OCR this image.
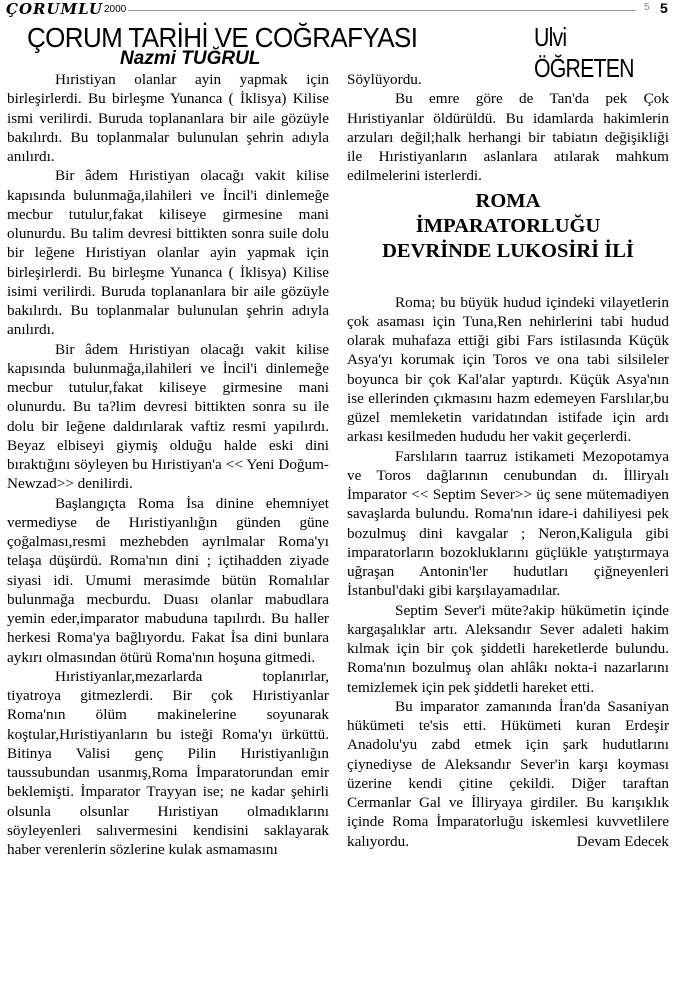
ÇORUMLU 2000	5 5
ÇORUM TARİHİ VE COĞRAFYASI	Ulvi ÖĞRETEN
Nazmi TUĞRUL

Hıristiyan olanlar ayin yapmak için birleşirlerdi. Bu birleşme Yunanca ( İklisya) Kilise ismi verilirdi. Buruda toplananlara bir aile gözüyle bakılırdı. Bu toplanmalar bulunulan şehrin adıyla anılırdı.

Bir âdem Hıristiyan olacağı vakit kilise kapısında bulunmağa,ilahileri ve İncil'i dinlemeğe mecbur tutulur,fakat kiliseye girmesine mani olunurdu. Bu talim devresi bittikten sonra suile dolu bir leğene Hıristiyan olanlar ayin yapmak için birleşirlerdi. Bu birleşme Yunanca ( İklisya) Kilise isimi verilirdi. Buruda toplananlara bir aile gözüyle bakılırdı. Bu toplanmalar bulunulan şehrin adıyla anılırdı.

Bir âdem Hıristiyan olacağı vakit kilise kapısında bulunmağa,ilahileri ve İncil'i dinlemeğe mecbur tutulur,fakat kiliseye girmesine mani olunurdu. Bu ta?lim devresi bittikten sonra su ile dolu bir leğene daldırılarak vaftiz resmi yapılırdı. Beyaz elbiseyi giymiş olduğu halde eski dini bıraktığını söyleyen bu Hıristiyan'a << Yeni Doğum-Newzad>> denilirdi.

Başlangıçta Roma İsa dinine ehemniyet vermediyse de Hıristiyanlığın günden güne çoğalması,resmi mezhebden ayrılmalar Roma'yı telaşa düşürdü. Roma'nın dini ; içtihadden ziyade siyasi idi. Umumi merasimde bütün Romalılar bulunmağa mecburdu. Duası olanlar mabudlara yemin eder,imparator mabuduna tapılırdı. Bu haller herkesi Roma'ya bağlıyordu. Fakat İsa dini bunlara aykırı olmasından ötürü Roma'nın hoşuna gitmedi.

Hıristiyanlar,mezarlarda toplanırlar, tiyatroya gitmezlerdi. Bir çok Hıristiyanlar Roma'nın ölüm makinelerine soyunarak koştular,Hıristiyanların bu isteği Roma'yı ürküttü. Bitinya Valisi genç Pilin Hıristiyanlığın taussubundan usanmış,Roma İmparatorundan emir beklemişti. İmparator Trayyan ise; ne kadar şehirli olsunla olsunlar Hıristiyan olmadıklarını söyleyenleri salıvermesini kendisini saklayarak haber verenlerin sözlerine kulak asmamasını

Söylüyordu.

Bu emre göre de Tan'da pek Çok Hıristiyanlar öldürüldü. Bu idamlarda hakimlerin arzuları değil;halk herhangi bir tabiatın değişikliği ile Hıristiyanların aslanlara atılarak mahkum edilmelerini isterlerdi.

ROMA
İMPARATORLUĞU
DEVRİNDE LUKOSİRİ İLİ

Roma; bu büyük hudud içindeki vilayetlerin çok asaması için Tuna,Ren nehirlerini tabi hudud olarak muhafaza ettiği gibi Fars istilasında Küçük Asya'yı korumak için Toros ve ona tabi silsileler boyunca bir çok Kal'alar yaptırdı. Küçük Asya'nın ise ellerinden çıkmasını hazm edemeyen Farslılar,bu güzel memleketin varidatından istifade için ardı arkası kesilmeden hududu her vakit geçerlerdi.

Farslıların taarruz istikameti Mezopotamya ve Toros dağlarının cenubundan dı. İlliryalı İmparator << Septim Sever>> üç sene mütemadiyen savaşlarda bulundu. Roma'nın idare-i dahiliyesi pek bozulmuş dini kavgalar ; Neron,Kaligula gibi imparatorların bozokluklarını güçlükle yatıştırmaya uğraşan Antonin'ler hudutları çiğneyenleri İstanbul'daki gibi karşılayamadılar.

Septim Sever'i müte?akip hükümetin içinde kargaşalıklar artı. Aleksandır Sever adaleti hakim kılmak için bir çok şiddetli hareketlerde bulundu. Roma'nın bozulmuş olan ahlâkı nokta-i nazarlarını temizlemek için pek şiddetli hareket etti.

Bu imparator zamanında İran'da Sasaniyan hükümeti te'sis etti. Hükümeti kuran Erdeşir Anadolu'yu zabd etmek için şark hudutlarını çiynediyse de Aleksandır Sever'in karşı koyması üzerine kendi çitine çekildi. Diğer taraftan Cermanlar Gal ve İlliryaya girdiler. Bu karışıklık içinde Roma İmparatorluğu iskemlesi kuvvetlilere kalıyordu.	Devam Edecek
